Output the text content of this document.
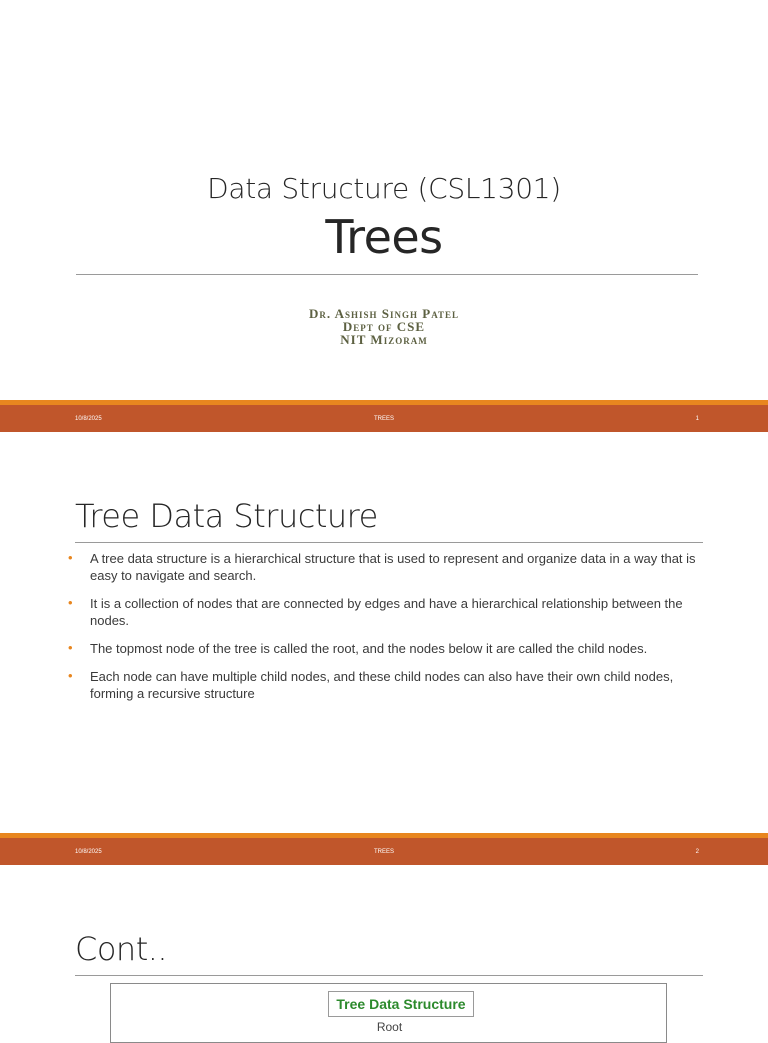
Data Structure (CSL1301)
Trees
Dr. Ashish Singh Patel
Dept of CSE
NIT Mizoram
10/8/2025	TREES	1
Tree Data Structure
• A tree data structure is a hierarchical structure that is used to represent and organize data in a way that is easy to navigate and search.
• It is a collection of nodes that are connected by edges and have a hierarchical relationship between the nodes.
• The topmost node of the tree is called the root, and the nodes below it are called the child nodes.
• Each node can have multiple child nodes, and these child nodes can also have their own child nodes, forming a recursive structure
10/8/2025	TREES	2
Cont..
Tree Data Structure
Root
